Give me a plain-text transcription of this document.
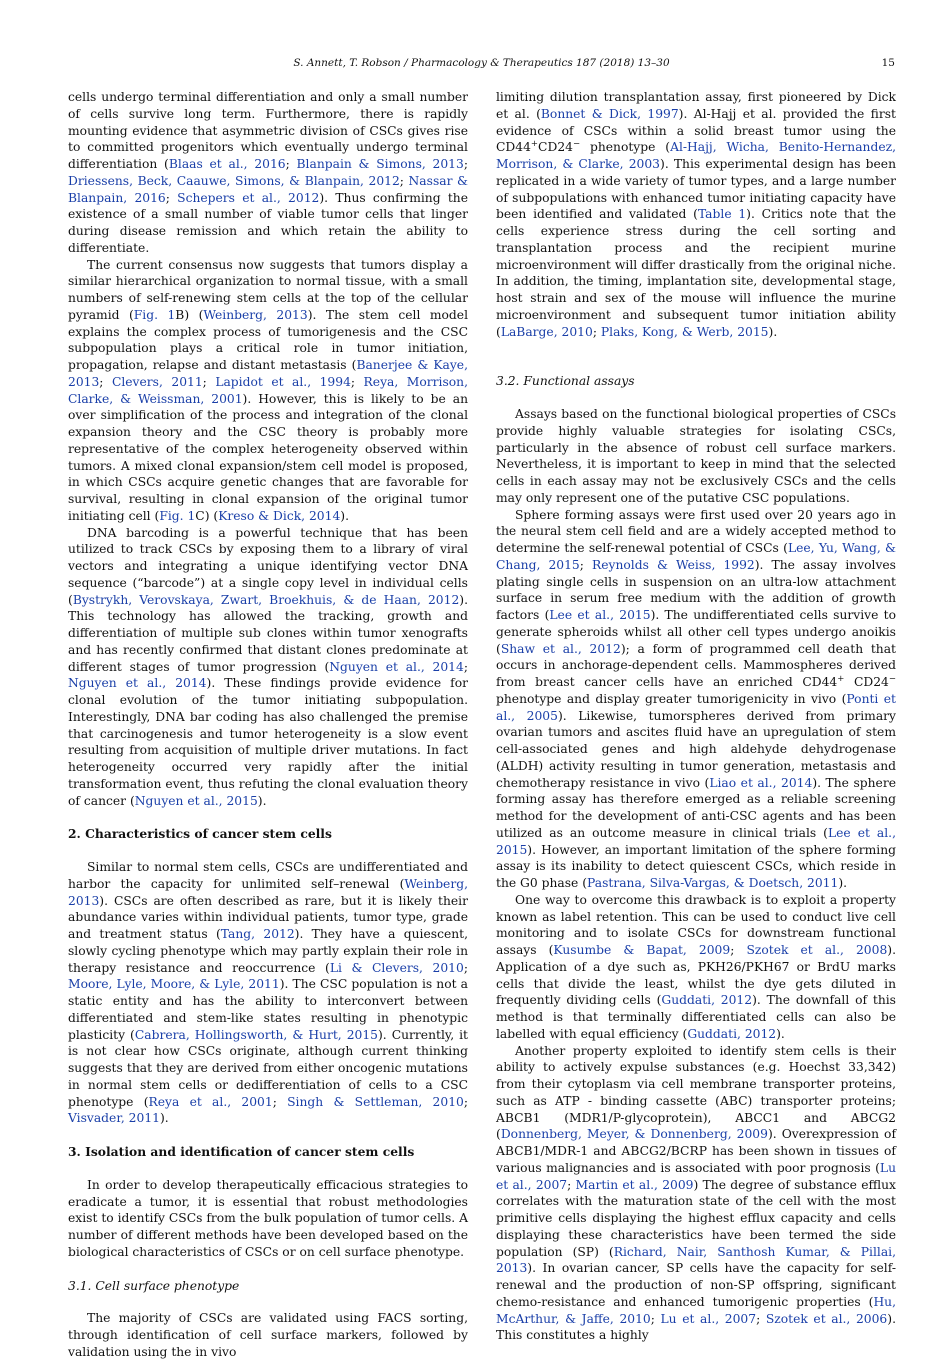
S. Annett, T. Robson / Pharmacology & Therapeutics 187 (2018) 13–30	15

cells undergo terminal differentiation and only a small number of cells survive long term. Furthermore, there is rapidly mounting evidence that asymmetric division of CSCs gives rise to committed progenitors which eventually undergo terminal differentiation (Blaas et al., 2016; Blanpain & Simons, 2013; Driessens, Beck, Caauwe, Simons, & Blanpain, 2012; Nassar & Blanpain, 2016; Schepers et al., 2012). Thus confirming the existence of a small number of viable tumor cells that linger during disease remission and which retain the ability to differentiate.

The current consensus now suggests that tumors display a similar hierarchical organization to normal tissue, with a small numbers of self-renewing stem cells at the top of the cellular pyramid (Fig. 1B) (Weinberg, 2013). The stem cell model explains the complex process of tumorigenesis and the CSC subpopulation plays a critical role in tumor initiation, propagation, relapse and distant metastasis (Banerjee & Kaye, 2013; Clevers, 2011; Lapidot et al., 1994; Reya, Morrison, Clarke, & Weissman, 2001). However, this is likely to be an over simplification of the process and integration of the clonal expansion theory and the CSC theory is probably more representative of the complex heterogeneity observed within tumors. A mixed clonal expansion/stem cell model is proposed, in which CSCs acquire genetic changes that are favorable for survival, resulting in clonal expansion of the original tumor initiating cell (Fig. 1C) (Kreso & Dick, 2014).

DNA barcoding is a powerful technique that has been utilized to track CSCs by exposing them to a library of viral vectors and integrating a unique identifying vector DNA sequence (“barcode”) at a single copy level in individual cells (Bystrykh, Verovskaya, Zwart, Broekhuis, & de Haan, 2012). This technology has allowed the tracking, growth and differentiation of multiple sub clones within tumor xenografts and has recently confirmed that distant clones predominate at different stages of tumor progression (Nguyen et al., 2014; Nguyen et al., 2014). These findings provide evidence for clonal evolution of the tumor initiating subpopulation. Interestingly, DNA bar coding has also challenged the premise that carcinogenesis and tumor heterogeneity is a slow event resulting from acquisition of multiple driver mutations. In fact heterogeneity occurred very rapidly after the initial transformation event, thus refuting the clonal evaluation theory of cancer (Nguyen et al., 2015).

2. Characteristics of cancer stem cells

Similar to normal stem cells, CSCs are undifferentiated and harbor the capacity for unlimited self–renewal (Weinberg, 2013). CSCs are often described as rare, but it is likely their abundance varies within individual patients, tumor type, grade and treatment status (Tang, 2012). They have a quiescent, slowly cycling phenotype which may partly explain their role in therapy resistance and reoccurrence (Li & Clevers, 2010; Moore, Lyle, Moore, & Lyle, 2011). The CSC population is not a static entity and has the ability to interconvert between differentiated and stem-like states resulting in phenotypic plasticity (Cabrera, Hollingsworth, & Hurt, 2015). Currently, it is not clear how CSCs originate, although current thinking suggests that they are derived from either oncogenic mutations in normal stem cells or dedifferentiation of cells to a CSC phenotype (Reya et al., 2001; Singh & Settleman, 2010; Visvader, 2011).

3. Isolation and identification of cancer stem cells

In order to develop therapeutically efficacious strategies to eradicate a tumor, it is essential that robust methodologies exist to identify CSCs from the bulk population of tumor cells. A number of different methods have been developed based on the biological characteristics of CSCs or on cell surface phenotype.

3.1. Cell surface phenotype

The majority of CSCs are validated using FACS sorting, through identification of cell surface markers, followed by validation using the in vivo

limiting dilution transplantation assay, first pioneered by Dick et al. (Bonnet & Dick, 1997). Al-Hajj et al. provided the first evidence of CSCs within a solid breast tumor using the CD44+CD24− phenotype (Al-Hajj, Wicha, Benito-Hernandez, Morrison, & Clarke, 2003). This experimental design has been replicated in a wide variety of tumor types, and a large number of subpopulations with enhanced tumor initiating capacity have been identified and validated (Table 1). Critics note that the cells experience stress during the cell sorting and transplantation process and the recipient murine microenvironment will differ drastically from the original niche. In addition, the timing, implantation site, developmental stage, host strain and sex of the mouse will influence the murine microenvironment and subsequent tumor initiation ability (LaBarge, 2010; Plaks, Kong, & Werb, 2015).

3.2. Functional assays

Assays based on the functional biological properties of CSCs provide highly valuable strategies for isolating CSCs, particularly in the absence of robust cell surface markers. Nevertheless, it is important to keep in mind that the selected cells in each assay may not be exclusively CSCs and the cells may only represent one of the putative CSC populations.

Sphere forming assays were first used over 20 years ago in the neural stem cell field and are a widely accepted method to determine the self-renewal potential of CSCs (Lee, Yu, Wang, & Chang, 2015; Reynolds & Weiss, 1992). The assay involves plating single cells in suspension on an ultra-low attachment surface in serum free medium with the addition of growth factors (Lee et al., 2015). The undifferentiated cells survive to generate spheroids whilst all other cell types undergo anoikis (Shaw et al., 2012); a form of programmed cell death that occurs in anchorage-dependent cells. Mammospheres derived from breast cancer cells have an enriched CD44+ CD24− phenotype and display greater tumorigenicity in vivo (Ponti et al., 2005). Likewise, tumorspheres derived from primary ovarian tumors and ascites fluid have an upregulation of stem cell-associated genes and high aldehyde dehydrogenase (ALDH) activity resulting in tumor generation, metastasis and chemotherapy resistance in vivo (Liao et al., 2014). The sphere forming assay has therefore emerged as a reliable screening method for the development of anti-CSC agents and has been utilized as an outcome measure in clinical trials (Lee et al., 2015). However, an important limitation of the sphere forming assay is its inability to detect quiescent CSCs, which reside in the G0 phase (Pastrana, Silva-Vargas, & Doetsch, 2011).

One way to overcome this drawback is to exploit a property known as label retention. This can be used to conduct live cell monitoring and to isolate CSCs for downstream functional assays (Kusumbe & Bapat, 2009; Szotek et al., 2008). Application of a dye such as, PKH26/PKH67 or BrdU marks cells that divide the least, whilst the dye gets diluted in frequently dividing cells (Guddati, 2012). The downfall of this method is that terminally differentiated cells can also be labelled with equal efficiency (Guddati, 2012).

Another property exploited to identify stem cells is their ability to actively expulse substances (e.g. Hoechst 33,342) from their cytoplasm via cell membrane transporter proteins, such as ATP - binding cassette (ABC) transporter proteins; ABCB1 (MDR1/P-glycoprotein), ABCC1 and ABCG2 (Donnenberg, Meyer, & Donnenberg, 2009). Overexpression of ABCB1/MDR-1 and ABCG2/BCRP has been shown in tissues of various malignancies and is associated with poor prognosis (Lu et al., 2007; Martin et al., 2009) The degree of substance efflux correlates with the maturation state of the cell with the most primitive cells displaying the highest efflux capacity and cells displaying these characteristics have been termed the side population (SP) (Richard, Nair, Santhosh Kumar, & Pillai, 2013). In ovarian cancer, SP cells have the capacity for self-renewal and the production of non-SP offspring, significant chemo-resistance and enhanced tumorigenic properties (Hu, McArthur, & Jaffe, 2010; Lu et al., 2007; Szotek et al., 2006). This constitutes a highly
